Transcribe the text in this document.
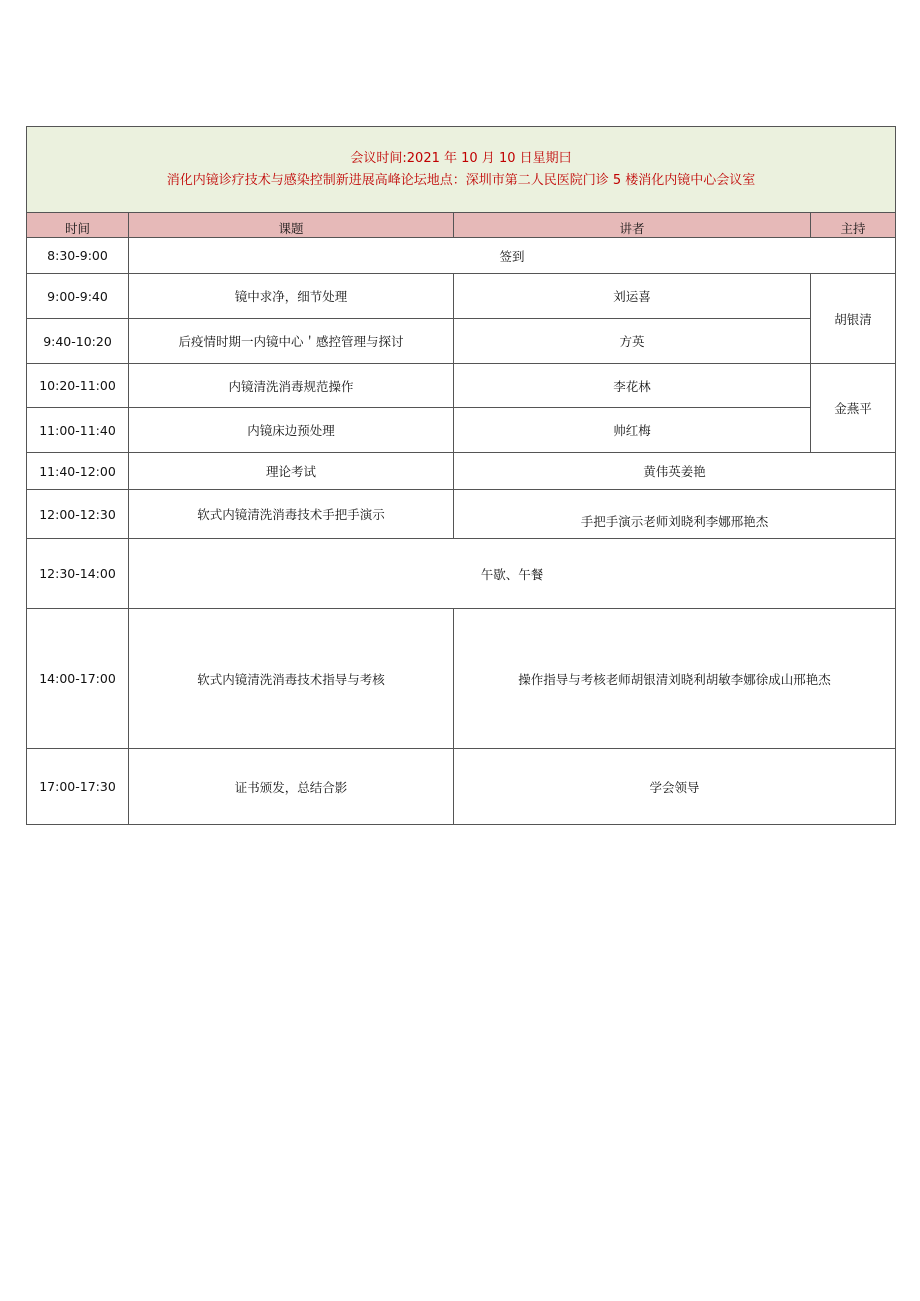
会议时间:2021 年 10 月 10 日星期曰
消化内镜诊疗技术与感染控制新进展高峰论坛地点：深圳市第二人民医院门诊 5 楼消化内镜中心会议室			

时间	课题	讲者	主持

8:30-9:00	签到		
9:00-9:40	镜中求净，细节处理	刘运喜	胡银清
9:40-10:20	后疫情时期一内镜中心＇感控管理与探讨	方英	
10:20-11:00	内镜清洗消毒规范操作	李花林	金燕平
11:00-11:40	内镜床边预处理	帅红梅	
11:40-12:00	理论考试	黄伟英姜艳	
12:00-12:30	软式内镜清洗消毒技术手把手演示	手把手演示老师刘晓利李娜邢艳杰	

12:30-14:00	午歇、午餐		
14:00-17:00	软式内镜清洗消毒技术指导与考核	操作指导与考核老师胡银清刘晓利胡敏李娜徐成山邢艳杰	
17:00-17:30	证书颁发，总结合影	学会领导	
